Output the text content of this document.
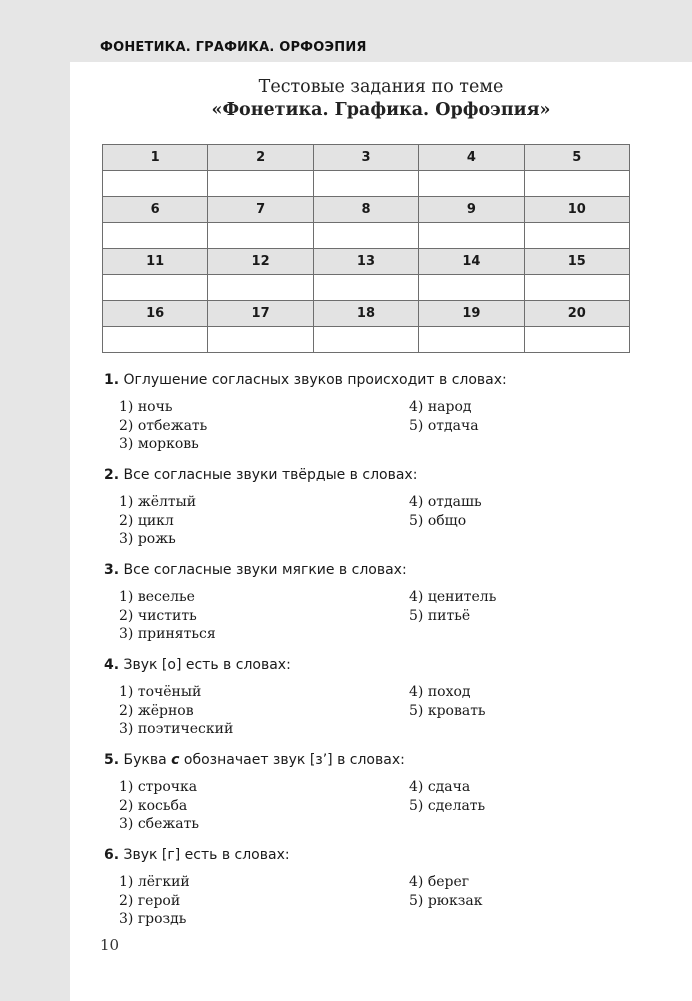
ФОНЕТИКА. ГРАФИКА. ОРФОЭПИЯ
Тестовые задания по теме
«Фонетика. Графика. Орфоэпия»
1	2	3	4	5

6	7	8	9	10

11	12	13	14	15

16	17	18	19	20

1. Оглушение согласных звуков происходит в словах:
1) ночь
2) отбежать
3) морковь
4) народ
5) отдача
2. Все согласные звуки твёрдые в словах:
1) жёлтый
2) цикл
3) рожь
4) отдашь
5) общо
3. Все согласные звуки мягкие в словах:
1) веселье
2) чистить
3) приняться
4) ценитель
5) питьё
4. Звук [о] есть в словах:
1) точёный
2) жёрнов
3) поэтический
4) поход
5) кровать
5. Буква с обозначает звук [з’] в словах:
1) строчка
2) косьба
3) сбежать
4) сдача
5) сделать
6. Звук [г] есть в словах:
1) лёгкий
2) герой
3) гроздь
4) берег
5) рюкзак
10
